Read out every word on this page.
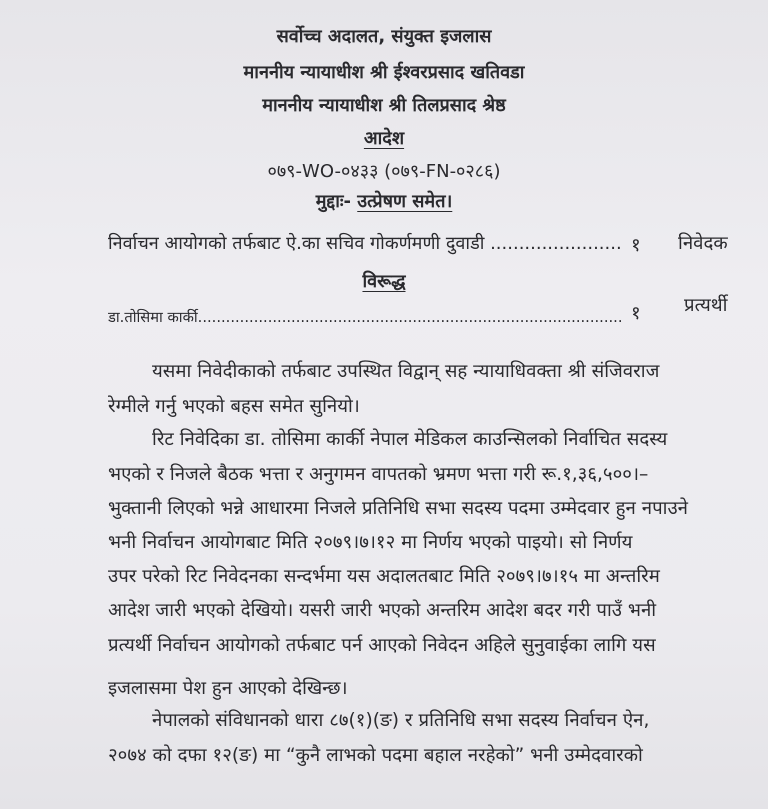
सर्वोच्च अदालत, संयुक्त इजलास
माननीय न्यायाधीश श्री ईश्वरप्रसाद खतिवडा
माननीय न्यायाधीश श्री तिलप्रसाद श्रेष्ठ
आदेश
०७९-WO-०४३३ (०७९-FN-०२८६)
मुद्दाः- उत्प्रेषण समेत।
निर्वाचन आयोगको तर्फबाट ऐ.का सचिव गोकर्णमणी दुवाडी ....................... १ निवेदक
विरूद्ध
डा.तोसिमा कार्की........................................................................................... १ प्रत्यर्थी
यसमा निवेदीकाको तर्फबाट उपस्थित विद्वान् सह न्यायाधिवक्ता श्री संजिवराज
रेग्मीले गर्नु भएको बहस समेत सुनियो।
रिट निवेदिका डा. तोसिमा कार्की नेपाल मेडिकल काउन्सिलको निर्वाचित सदस्य
भएको र निजले बैठक भत्ता र अनुगमन वापतको भ्रमण भत्ता गरी रू.१,३६,५००।–
भुक्तानी लिएको भन्ने आधारमा निजले प्रतिनिधि सभा सदस्य पदमा उम्मेदवार हुन नपाउने
भनी निर्वाचन आयोगबाट मिति २०७९।७।१२ मा निर्णय भएको पाइयो। सो निर्णय
उपर परेको रिट निवेदनका सन्दर्भमा यस अदालतबाट मिति २०७९।७।१५ मा अन्तरिम
आदेश जारी भएको देखियो। यसरी जारी भएको अन्तरिम आदेश बदर गरी पाउँ भनी
प्रत्यर्थी निर्वाचन आयोगको तर्फबाट पर्न आएको निवेदन अहिले सुनुवाईका लागि यस
इजलासमा पेश हुन आएको देखिन्छ।
नेपालको संविधानको धारा ८७(१)(ङ) र प्रतिनिधि सभा सदस्य निर्वाचन ऐन,
२०७४ को दफा १२(ङ) मा “कुनै लाभको पदमा बहाल नरहेको” भनी उम्मेदवारको
